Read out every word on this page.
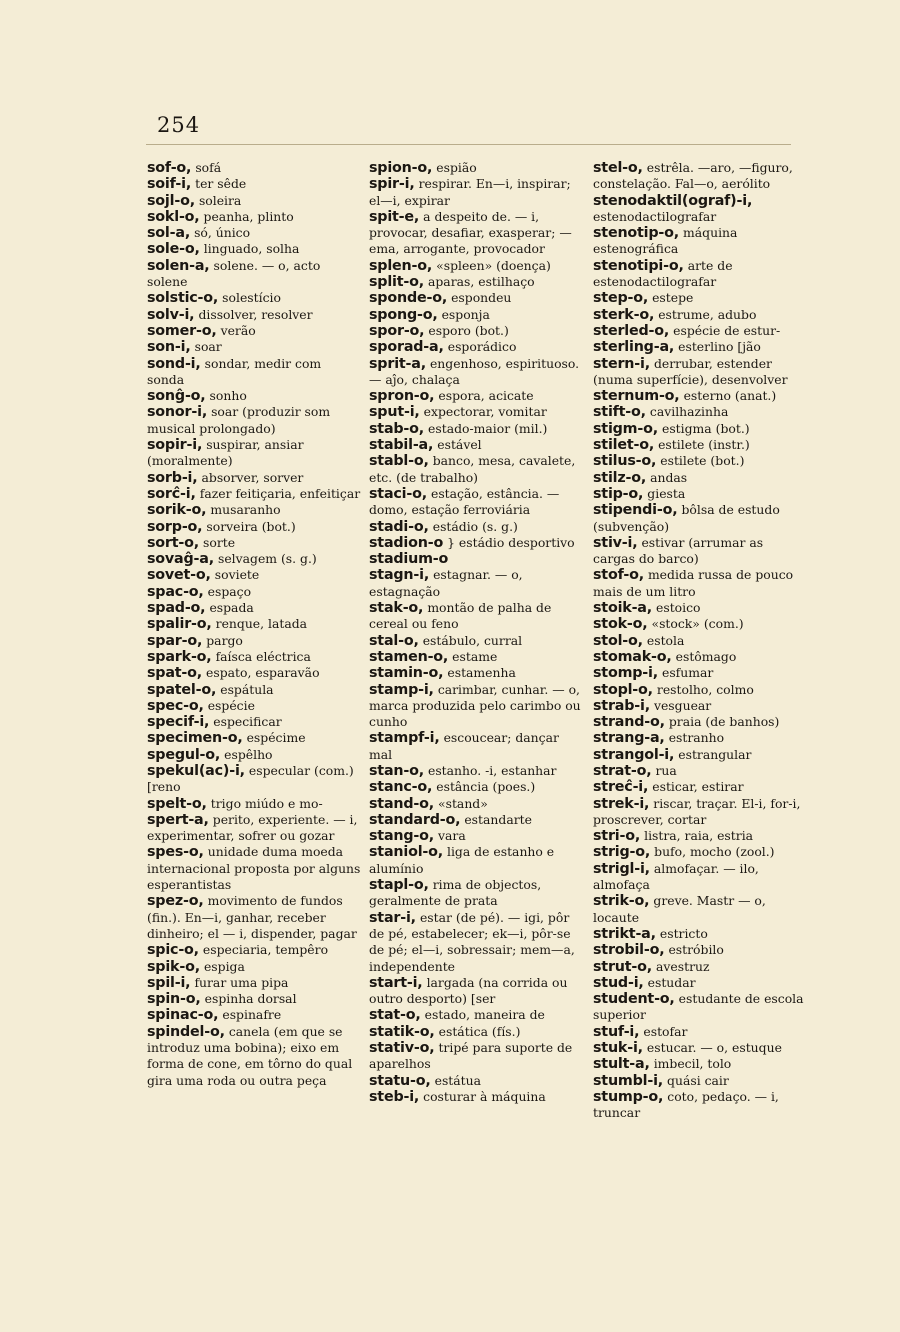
254
sof-o, sofá
soif-i, ter sêde
sojl-o, soleira
sokl-o, peanha, plinto
sol-a, só, único
sole-o, linguado, solha
solen-a, solene. — o, acto solene
solstic-o, solestício
solv-i, dissolver, resolver
somer-o, verão
son-i, soar
sond-i, sondar, medir com sonda
sonĝ-o, sonho
sonor-i, soar (produzir som musical prolongado)
sopir-i, suspirar, ansiar (moralmente)
sorb-i, absorver, sorver
sorĉ-i, fazer feitiçaria, enfeitiçar
sorik-o, musaranho
sorp-o, sorveira (bot.)
sort-o, sorte
sovaĝ-a, selvagem (s. g.)
sovet-o, soviete
spac-o, espaço
spad-o, espada
spalir-o, renque, latada
spar-o, pargo
spark-o, faísca eléctrica
spat-o, espato, esparavão
spatel-o, espátula
spec-o, espécie
specif-i, especificar
specimen-o, espécime
spegul-o, espêlho
spekul(ac)-i, especular (com.) [reno
spelt-o, trigo miúdo e mo-
spert-a, perito, experiente. — i, experimentar, sofrer ou gozar
spes-o, unidade duma moeda internacional proposta por alguns esperantistas
spez-o, movimento de fundos (fin.). En—i, ganhar, receber dinheiro; el — i, dispender, pagar
spic-o, especiaria, tempêro
spik-o, espiga
spil-i, furar uma pipa
spin-o, espinha dorsal
spinac-o, espinafre
spindel-o, canela (em que se introduz uma bobina); eixo em forma de cone, em tôrno do qual gira uma roda ou outra peça
spion-o, espião
spir-i, respirar. En—i, inspirar; el—i, expirar
spit-e, a despeito de. — i, provocar, desafiar, exasperar; — ema, arrogante, provocador
splen-o, «spleen» (doença)
split-o, aparas, estilhaço
sponde-o, espondeu
spong-o, esponja
spor-o, esporo (bot.)
sporad-a, esporádico
sprit-a, engenhoso, espirituoso. — aĵo, chalaça
spron-o, espora, acicate
sput-i, expectorar, vomitar
stab-o, estado-maior (mil.)
stabil-a, estável
stabl-o, banco, mesa, cavalete, etc. (de trabalho)
staci-o, estação, estância. — domo, estação ferroviária
stadi-o, estádio (s. g.)
stadion-o } estádio desportivo
stadium-o
stagn-i, estagnar. — o, estagnação
stak-o, montão de palha de cereal ou feno
stal-o, estábulo, curral
stamen-o, estame
stamin-o, estamenha
stamp-i, carimbar, cunhar. — o, marca produzida pelo carimbo ou cunho
stampf-i, escoucear; dançar mal
stan-o, estanho. -i, estanhar
stanc-o, estância (poes.)
stand-o, «stand»
standard-o, estandarte
stang-o, vara
staniol-o, liga de estanho e alumínio
stapl-o, rima de objectos, geralmente de prata
star-i, estar (de pé). — igi, pôr de pé, estabelecer; ek—i, pôr-se de pé; el—i, sobressair; mem—a, independente
start-i, largada (na corrida ou outro desporto) [ser
stat-o, estado, maneira de
statik-o, estática (fís.)
stativ-o, tripé para suporte de aparelhos
statu-o, estátua
steb-i, costurar à máquina
stel-o, estrêla. —aro, —figuro, constelação. Fal—o, aerólito
stenodaktil(ograf)-i, estenodactilografar
stenotip-o, máquina estenográfica
stenotipi-o, arte de estenodactilografar
step-o, estepe
sterk-o, estrume, adubo
sterled-o, espécie de estur-
sterling-a, esterlino [jão
stern-i, derrubar, estender (numa superfície), desenvolver
sternum-o, esterno (anat.)
stift-o, cavilhazinha
stigm-o, estigma (bot.)
stilet-o, estilete (instr.)
stilus-o, estilete (bot.)
stilz-o, andas
stip-o, giesta
stipendi-o, bôlsa de estudo (subvenção)
stiv-i, estivar (arrumar as cargas do barco)
stof-o, medida russa de pouco mais de um litro
stoik-a, estoico
stok-o, «stock» (com.)
stol-o, estola
stomak-o, estômago
stomp-i, esfumar
stopl-o, restolho, colmo
strab-i, vesguear
strand-o, praia (de banhos)
strang-a, estranho
strangol-i, estrangular
strat-o, rua
streĉ-i, esticar, estirar
strek-i, riscar, traçar. El-i, for-i, proscrever, cortar
stri-o, listra, raia, estria
strig-o, bufo, mocho (zool.)
strigl-i, almofaçar. — ilo, almofaça
strik-o, greve. Mastr — o, locaute
strikt-a, estricto
strobil-o, estróbilo
strut-o, avestruz
stud-i, estudar
student-o, estudante de escola superior
stuf-i, estofar
stuk-i, estucar. — o, estuque
stult-a, imbecil, tolo
stumbl-i, quási cair
stump-o, coto, pedaço. — i, truncar
